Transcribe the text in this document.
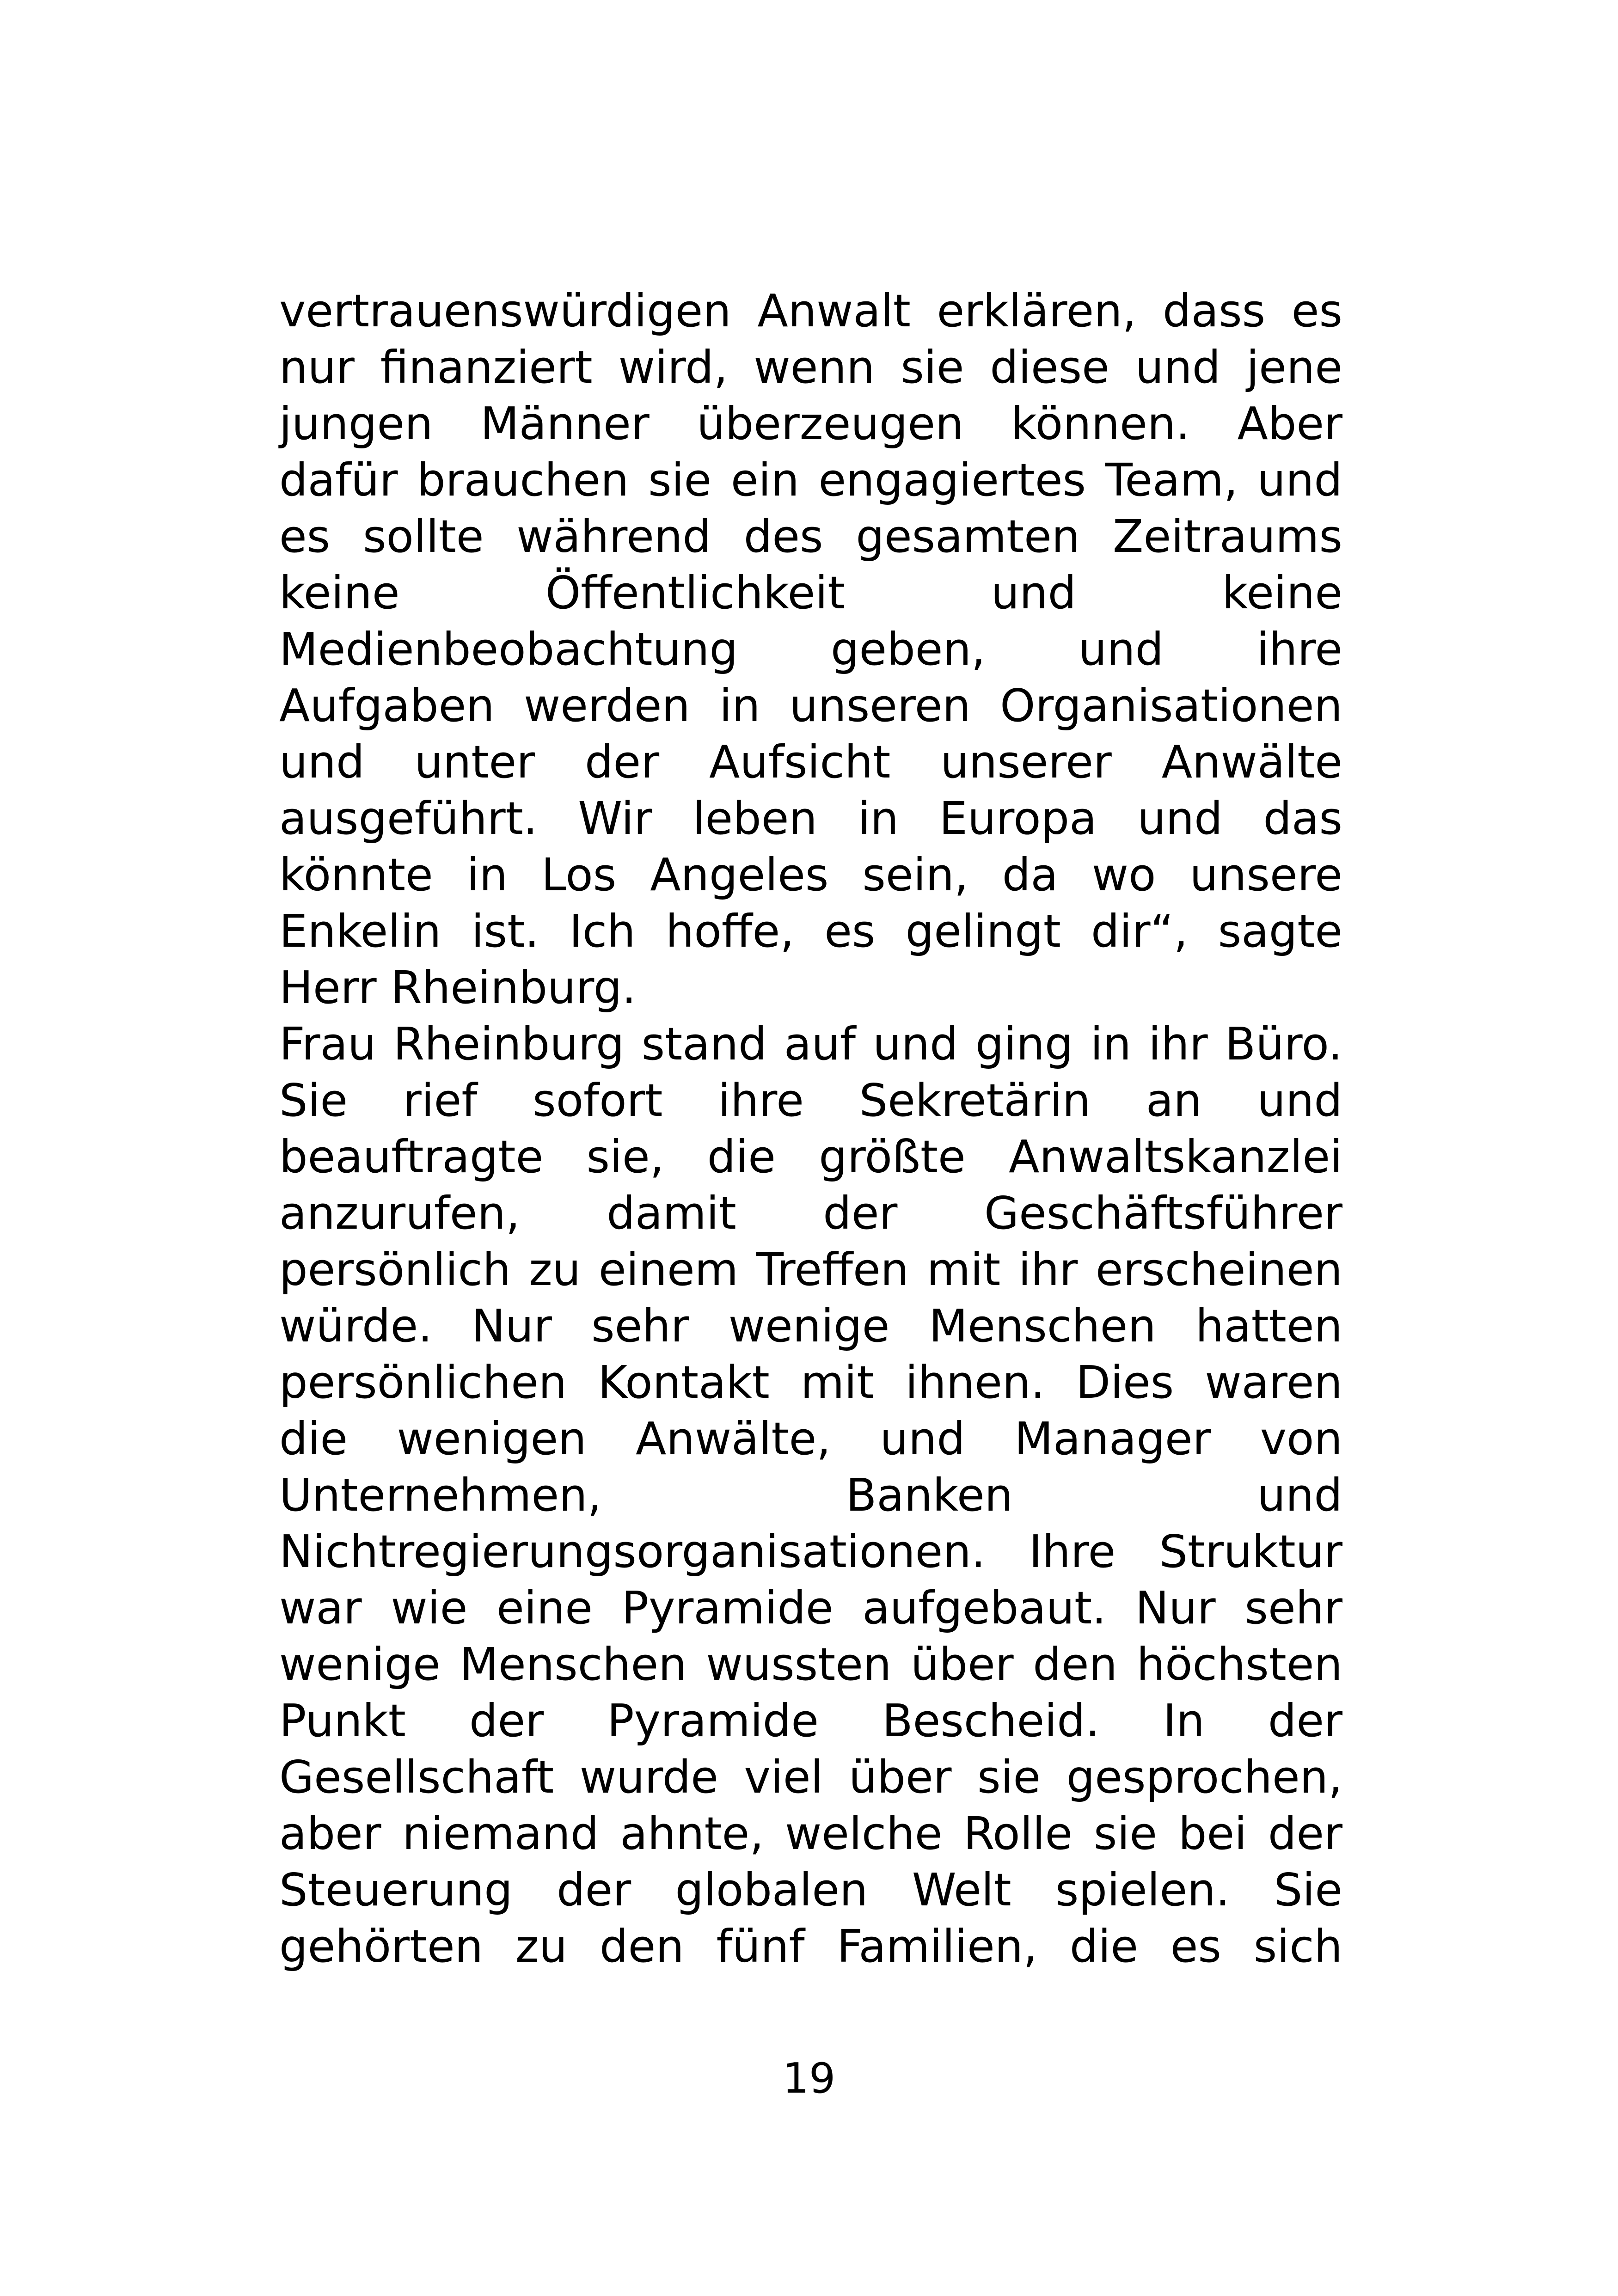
vertrauenswürdigen Anwalt erklären, dass es
nur finanziert wird, wenn sie diese und jene
jungen Männer überzeugen können. Aber
dafür brauchen sie ein engagiertes Team, und
es sollte während des gesamten Zeitraums
keine Öffentlichkeit und keine
Medienbeobachtung geben, und ihre
Aufgaben werden in unseren Organisationen
und unter der Aufsicht unserer Anwälte
ausgeführt. Wir leben in Europa und das
könnte in Los Angeles sein, da wo unsere
Enkelin ist. Ich hoffe, es gelingt dir“, sagte
Herr Rheinburg.
Frau Rheinburg stand auf und ging in ihr Büro.
Sie rief sofort ihre Sekretärin an und
beauftragte sie, die größte Anwaltskanzlei
anzurufen, damit der Geschäftsführer
persönlich zu einem Treffen mit ihr erscheinen
würde. Nur sehr wenige Menschen hatten
persönlichen Kontakt mit ihnen. Dies waren
die wenigen Anwälte, und Manager von
Unternehmen, Banken und
Nichtregierungsorganisationen. Ihre Struktur
war wie eine Pyramide aufgebaut. Nur sehr
wenige Menschen wussten über den höchsten
Punkt der Pyramide Bescheid. In der
Gesellschaft wurde viel über sie gesprochen,
aber niemand ahnte, welche Rolle sie bei der
Steuerung der globalen Welt spielen. Sie
gehörten zu den fünf Familien, die es sich
19
